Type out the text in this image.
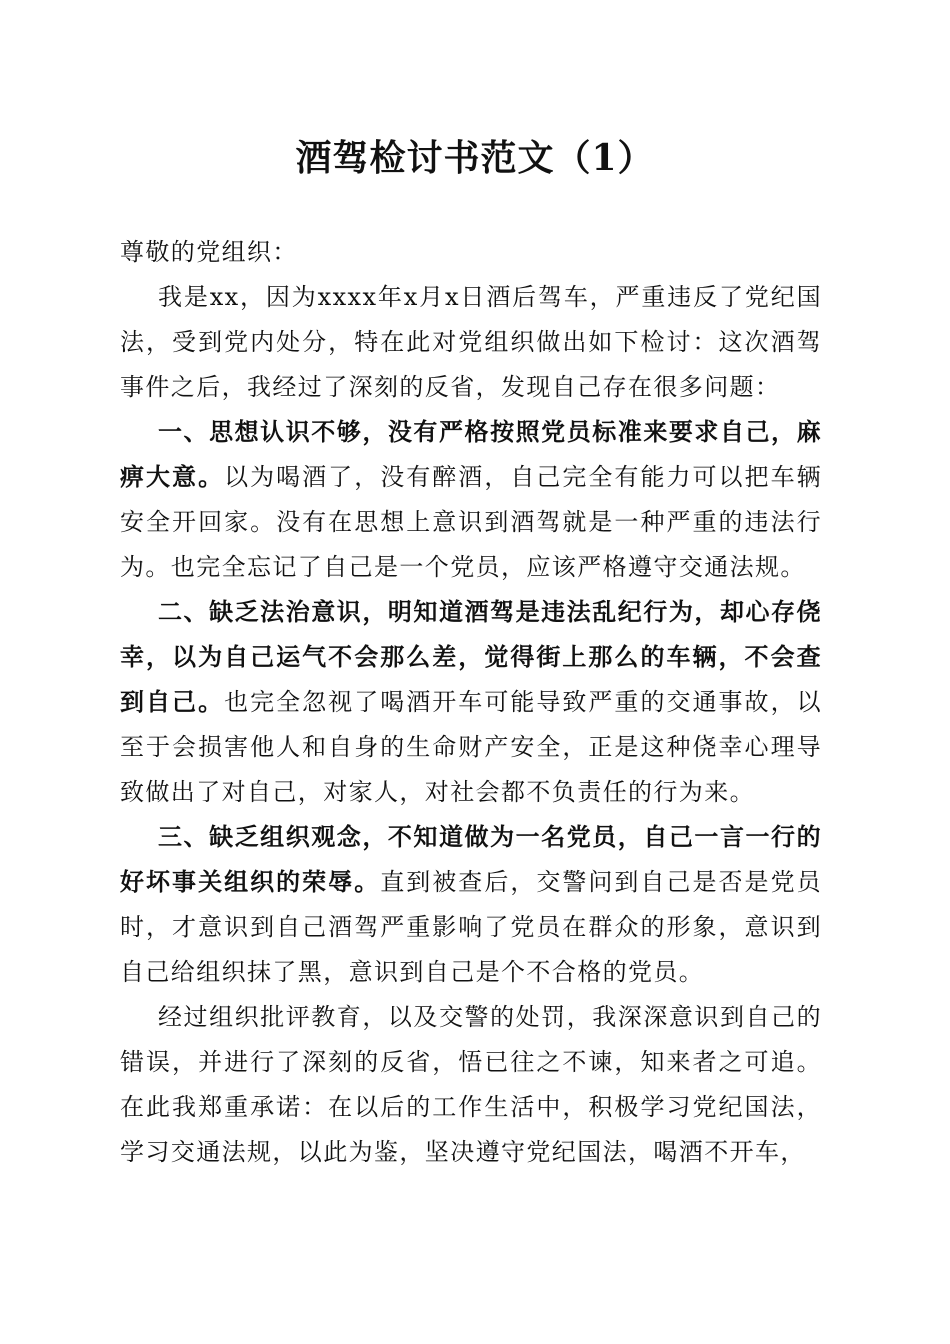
酒驾检讨书范文（1）

尊敬的党组织：

我是xx，因为xxxx年x月x日酒后驾车，严重违反了党纪国法，受到党内处分，特在此对党组织做出如下检讨：这次酒驾事件之后，我经过了深刻的反省，发现自己存在很多问题：

一、思想认识不够，没有严格按照党员标准来要求自己，麻痹大意。以为喝酒了，没有醉酒，自己完全有能力可以把车辆安全开回家。没有在思想上意识到酒驾就是一种严重的违法行为。也完全忘记了自己是一个党员，应该严格遵守交通法规。

二、缺乏法治意识，明知道酒驾是违法乱纪行为，却心存侥幸，以为自己运气不会那么差，觉得街上那么的车辆，不会查到自己。也完全忽视了喝酒开车可能导致严重的交通事故，以至于会损害他人和自身的生命财产安全，正是这种侥幸心理导致做出了对自己，对家人，对社会都不负责任的行为来。

三、缺乏组织观念，不知道做为一名党员，自己一言一行的好坏事关组织的荣辱。直到被查后，交警问到自己是否是党员时，才意识到自己酒驾严重影响了党员在群众的形象，意识到自己给组织抹了黑，意识到自己是个不合格的党员。

经过组织批评教育，以及交警的处罚，我深深意识到自己的错误，并进行了深刻的反省，悟已往之不谏，知来者之可追。在此我郑重承诺：在以后的工作生活中，积极学习党纪国法，学习交通法规，以此为鉴，坚决遵守党纪国法，喝酒不开车，
